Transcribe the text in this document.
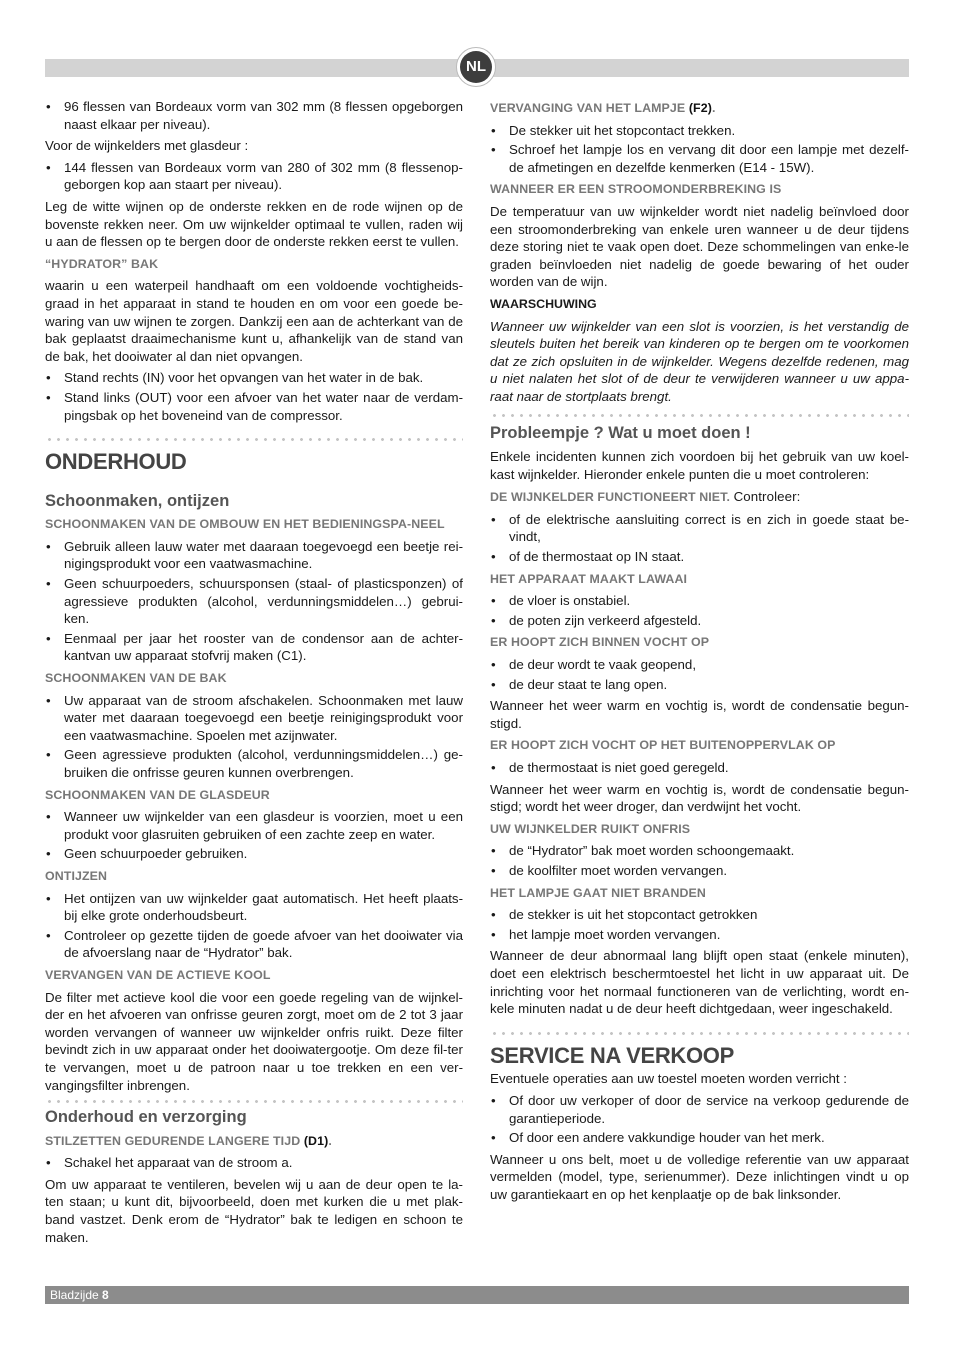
NL
• 96 flessen van Bordeaux vorm van 302 mm (8 flessen opgeborgen naast elkaar per niveau).

Voor de wijnkelders met glasdeur :

• 144 flessen van Bordeaux vorm van 280 of 302 mm (8 flessenop-geborgen kop aan staart per niveau).

Leg de witte wijnen op de onderste rekken en de rode wijnen op de bovenste rekken neer. Om uw wijnkelder optimaal te vullen, raden wij u aan de flessen op te bergen door de onderste rekken eerst te vullen.

“HYDRATOR” BAK

waarin u een waterpeil handhaaft om een voldoende vochtigheids-graad in het apparaat in stand te houden en om voor een goede be-waring van uw wijnen te zorgen. Dankzij een aan de achterkant van de bak geplaatst draaimechanisme kunt u, afhankelijk van de stand van de bak, het dooiwater al dan niet opvangen.

• Stand rechts (IN) voor het opvangen van het water in de bak.
• Stand links (OUT) voor een afvoer van het water naar de verdam-pingsbak op het boveneind van de compressor.
ONDERHOUD
Schoonmaken, ontijzen
SCHOONMAKEN VAN DE OMBOUW EN HET BEDIENINGSPA-NEEL
• Gebruik alleen lauw water met daaraan toegevoegd een beetje rei-nigingsprodukt voor een vaatwasmachine.
• Geen schuurpoeders, schuursponsen (staal- of plasticsponzen) of agressieve produkten (alcohol, verdunningsmiddelen…) gebrui-ken.
• Eenmaal per jaar het rooster van de condensor aan de achter-kantvan uw apparaat stofvrij maken (C1).
SCHOONMAKEN VAN DE BAK
• Uw apparaat van de stroom afschakelen. Schoonmaken met lauw water met daaraan toegevoegd een beetje reinigingsprodukt voor een vaatwasmachine. Spoelen met azijnwater.
• Geen agressieve produkten (alcohol, verdunningsmiddelen…) ge-bruiken die onfrisse geuren kunnen overbrengen.
SCHOONMAKEN VAN DE GLASDEUR
• Wanneer uw wijnkelder van een glasdeur is voorzien, moet u een produkt voor glasruiten gebruiken of een zachte zeep en water.
• Geen schuurpoeder gebruiken.
ONTIJZEN
• Het ontijzen van uw wijnkelder gaat automatisch. Het heeft plaats-bij elke grote onderhoudsbeurt.
• Controleer op gezette tijden de goede afvoer van het dooiwater via de afvoerslang naar de “Hydrator” bak.
VERVANGEN VAN DE ACTIEVE KOOL

De filter met actieve kool die voor een goede regeling van de wijnkel-der en het afvoeren van onfrisse geuren zorgt, moet om de 2 tot 3 jaar worden vervangen of wanneer uw wijnkelder onfris ruikt. Deze filter bevindt zich in uw apparaat onder het dooiwatergootje. Om deze fil-ter te vervangen, moet u de patroon naar u toe trekken en een ver-vangingsfilter inbrengen.

Onderhoud en verzorging
STILZETTEN GEDURENDE LANGERE TIJD (D1).
• Schakel het apparaat van de stroom a.

Om uw apparaat te ventileren, bevelen wij u aan de deur open te la-ten staan; u kunt dit, bijvoorbeeld, doen met kurken die u met plak-band vastzet. Denk erom de “Hydrator” bak te ledigen en schoon te maken.

VERVANGING VAN HET LAMPJE (F2).
• De stekker uit het stopcontact trekken.
• Schroef het lampje los en vervang dit door een lampje met dezelf-de afmetingen en dezelfde kenmerken (E14 - 15W).
WANNEER ER EEN STROOMONDERBREKING IS

De temperatuur van uw wijnkelder wordt niet nadelig beïnvloed door een stroomonderbreking van enkele uren wanneer u de deur tijdens deze storing niet te vaak open doet. Deze schommelingen van enke-le graden beïnvloeden niet nadelig de goede bewaring of het ouder worden van de wijn.

WAARSCHUWING

Wanneer uw wijnkelder van een slot is voorzien, is het verstandig de sleutels buiten het bereik van kinderen op te bergen om te voorkomen dat ze zich opsluiten in de wijnkelder. Wegens dezelfde redenen, mag u niet nalaten het slot of de deur te verwijderen wanneer u uw appa-raat naar de stortplaats brengt.

Probleempje ? Wat u moet doen !

Enkele incidenten kunnen zich voordoen bij het gebruik van uw koel-kast wijnkelder. Hieronder enkele punten die u moet controleren:

DE WIJNKELDER FUNCTIONEERT NIET. Controleer:
• of de elektrische aansluiting correct is en zich in goede staat be-vindt,
• of de thermostaat op IN staat.
HET APPARAAT MAAKT LAWAAI
• de vloer is onstabiel.
• de poten zijn verkeerd afgesteld.
ER HOOPT ZICH BINNEN VOCHT OP
• de deur wordt te vaak geopend,
• de deur staat te lang open.

Wanneer het weer warm en vochtig is, wordt de condensatie begun-stigd.

ER HOOPT ZICH VOCHT OP HET BUITENOPPERVLAK OP
• de thermostaat is niet goed geregeld.

Wanneer het weer warm en vochtig is, wordt de condensatie begun-stigd; wordt het weer droger, dan verdwijnt het vocht.

UW WIJNKELDER RUIKT ONFRIS
• de “Hydrator” bak moet worden schoongemaakt.
• de koolfilter moet worden vervangen.
HET LAMPJE GAAT NIET BRANDEN
• de stekker is uit het stopcontact getrokken
• het lampje moet worden vervangen.

Wanneer de deur abnormaal lang blijft open staat (enkele minuten), doet een elektrisch beschermtoestel het licht in uw apparaat uit. De inrichting voor het normaal functioneren van de verlichting, wordt en-kele minuten nadat u de deur heeft dichtgedaan, weer ingeschakeld.

SERVICE NA VERKOOP

Eventuele operaties aan uw toestel moeten worden verricht :

• Of door uw verkoper of door de service na verkoop gedurende de garantieperiode.
• Of door een andere vakkundige houder van het merk.

Wanneer u ons belt, moet u de volledige referentie van uw apparaat vermelden (model, type, serienummer). Deze inlichtingen vindt u op uw garantiekaart en op het kenplaatje op de bak linksonder.

Bladzijde 8
